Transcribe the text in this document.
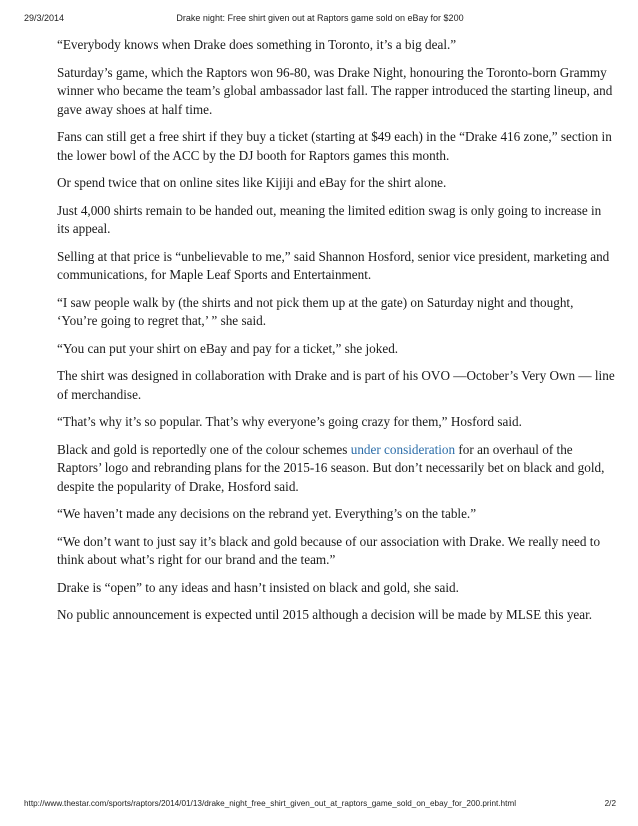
29/3/2014	Drake night: Free shirt given out at Raptors game sold on eBay for $200

“Everybody knows when Drake does something in Toronto, it’s a big deal.”

Saturday’s game, which the Raptors won 96-80, was Drake Night, honouring the Toronto-born Grammy winner who became the team’s global ambassador last fall. The rapper introduced the starting lineup, and gave away shoes at half time.

Fans can still get a free shirt if they buy a ticket (starting at $49 each) in the “Drake 416 zone,” section in the lower bowl of the ACC by the DJ booth for Raptors games this month.

Or spend twice that on online sites like Kijiji and eBay for the shirt alone.

Just 4,000 shirts remain to be handed out, meaning the limited edition swag is only going to increase in its appeal.

Selling at that price is “unbelievable to me,” said Shannon Hosford, senior vice president, marketing and communications, for Maple Leaf Sports and Entertainment.

“I saw people walk by (the shirts and not pick them up at the gate) on Saturday night and thought, ‘You’re going to regret that,’ ” she said.

“You can put your shirt on eBay and pay for a ticket,” she joked.

The shirt was designed in collaboration with Drake and is part of his OVO —October’s Very Own — line of merchandise.

“That’s why it’s so popular. That’s why everyone’s going crazy for them,” Hosford said.

Black and gold is reportedly one of the colour schemes under consideration for an overhaul of the Raptors’ logo and rebranding plans for the 2015-16 season. But don’t necessarily bet on black and gold, despite the popularity of Drake, Hosford said.

“We haven’t made any decisions on the rebrand yet. Everything’s on the table.”

“We don’t want to just say it’s black and gold because of our association with Drake. We really need to think about what’s right for our brand and the team.”

Drake is “open” to any ideas and hasn’t insisted on black and gold, she said.

No public announcement is expected until 2015 although a decision will be made by MLSE this year.

http://www.thestar.com/sports/raptors/2014/01/13/drake_night_free_shirt_given_out_at_raptors_game_sold_on_ebay_for_200.print.html	2/2
